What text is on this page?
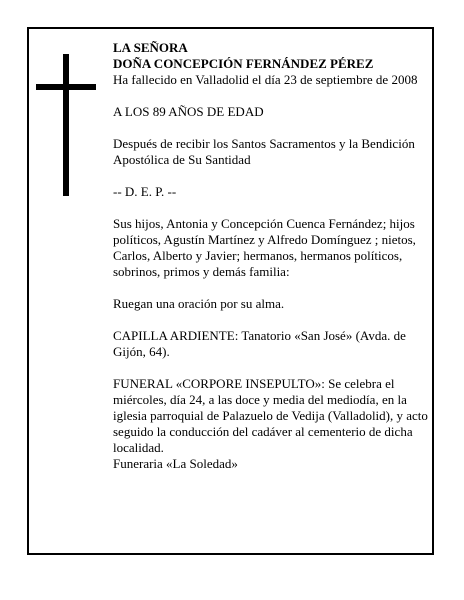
LA SEÑORA

DOÑA CONCEPCIÓN FERNÁNDEZ PÉREZ

Ha fallecido en Valladolid el día 23 de septiembre de 2008

A LOS 89 AÑOS DE EDAD

Después de recibir los Santos Sacramentos y la Bendición Apostólica de Su Santidad

-- D. E. P. --

Sus hijos, Antonia y Concepción Cuenca Fernández; hijos políticos, Agustín Martínez y Alfredo Domínguez ; nietos, Carlos, Alberto y Javier; hermanos, hermanos políticos, sobrinos, primos y demás familia:

Ruegan una oración por su alma.

CAPILLA ARDIENTE: Tanatorio «San José» (Avda. de Gijón, 64).

FUNERAL «CORPORE INSEPULTO»: Se celebra el miércoles, día 24, a las doce y media del mediodía, en la iglesia parroquial de Palazuelo de Vedija (Valladolid), y acto seguido la conducción del cadáver al cementerio de dicha localidad.

Funeraria «La Soledad»
